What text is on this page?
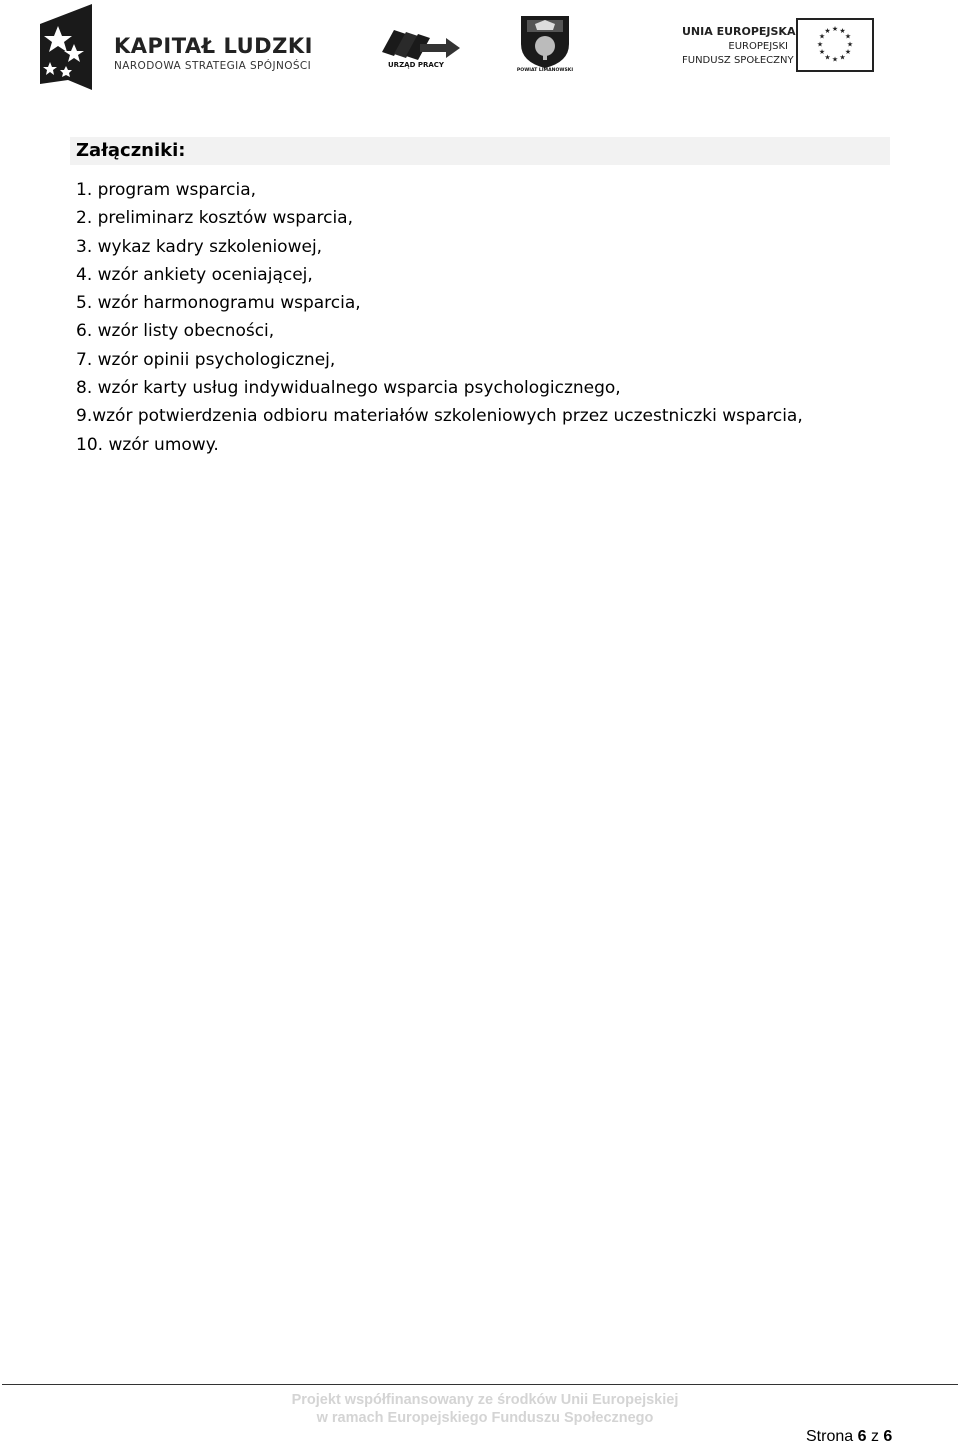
KAPITAŁ LUDZKI
NARODOWA STRATEGIA SPÓJNOŚCI	URZĄD PRACY
POWIAT LIMANOWSKI
UNIA EUROPEJSKA
EUROPEJSKI
FUNDUSZ SPOŁECZNY
★ ★
★
★
★
★
★
★
★
★
★
★
Załączniki:
1. program wsparcia,
2. preliminarz kosztów wsparcia,
3. wykaz kadry szkoleniowej,
4. wzór ankiety oceniającej,
5. wzór harmonogramu wsparcia,
6. wzór listy obecności,
7. wzór opinii psychologicznej,
8. wzór karty usług indywidualnego wsparcia psychologicznego,
9.wzór potwierdzenia odbioru materiałów szkoleniowych przez uczestniczki wsparcia,
10. wzór umowy.
Projekt współfinansowany ze środków Unii Europejskiej
w ramach Europejskiego Funduszu Społecznego
Strona 6 z 6
